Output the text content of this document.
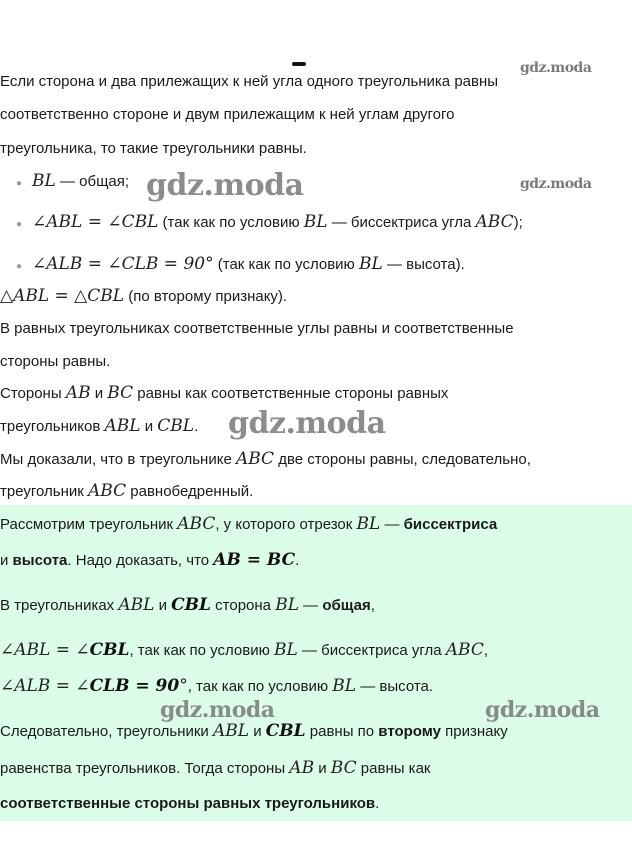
Если сторона и два прилежащих к ней угла одного треугольника равны
соответственно стороне и двум прилежащим к ней углам другого
треугольника, то такие треугольники равны.
● BL — общая;
● ∠ABL = ∠CBL (так как по условию BL — биссектриса угла ABC);
● ∠ALB = ∠CLB = 90° (так как по условию BL — высота).
△ABL = △CBL (по второму признаку).
В равных треугольниках соответственные углы равны и соответственные
стороны равны.
Стороны AB и BC равны как соответственные стороны равных
треугольников ABL и CBL.
Мы доказали, что в треугольнике ABC две стороны равны, следовательно,
треугольник ABC равнобедренный.
Рассмотрим треугольник ABC, у которого отрезок BL — биссектриса
и высота. Надо доказать, что AB = BC.
В треугольниках ABL и CBL сторона BL — общая,
∠ABL = ∠CBL, так как по условию BL — биссектриса угла ABC,
∠ALB = ∠CLB = 90°, так как по условию BL — высота.
Следовательно, треугольники ABL и CBL равны по второму признаку
равенства треугольников. Тогда стороны AB и BC равны как
соответственные стороны равных треугольников.
gdz.moda
gdz.moda
gdz.moda
gdz.moda
gdz.moda	gdz.moda
